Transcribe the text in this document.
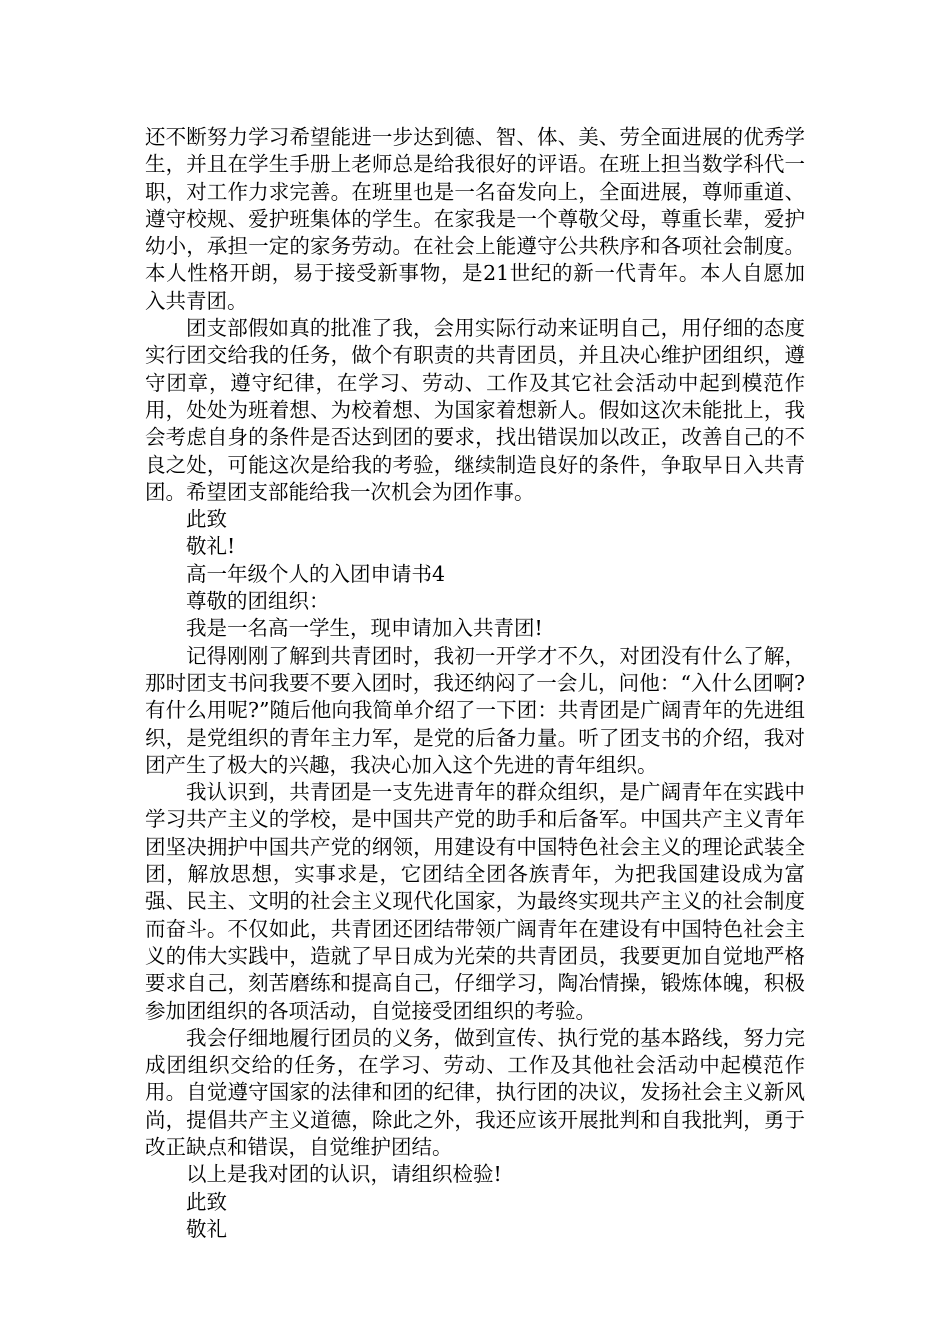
还不断努力学习希望能进一步达到德、智、体、美、劳全面进展的优秀学生，并且在学生手册上老师总是给我很好的评语。在班上担当数学科代一职，对工作力求完善。在班里也是一名奋发向上，全面进展，尊师重道、遵守校规、爱护班集体的学生。在家我是一个尊敬父母，尊重长辈，爱护幼小，承担一定的家务劳动。在社会上能遵守公共秩序和各项社会制度。本人性格开朗，易于接受新事物，是21世纪的新一代青年。本人自愿加入共青团。

团支部假如真的批准了我，会用实际行动来证明自己，用仔细的态度实行团交给我的任务，做个有职责的共青团员，并且决心维护团组织，遵守团章，遵守纪律，在学习、劳动、工作及其它社会活动中起到模范作用，处处为班着想、为校着想、为国家着想新人。假如这次未能批上，我会考虑自身的条件是否达到团的要求，找出错误加以改正，改善自己的不良之处，可能这次是给我的考验，继续制造良好的条件，争取早日入共青团。希望团支部能给我一次机会为团作事。

此致

敬礼!

高一年级个人的入团申请书4

尊敬的团组织：

我是一名高一学生，现申请加入共青团!

记得刚刚了解到共青团时，我初一开学才不久，对团没有什么了解，那时团支书问我要不要入团时，我还纳闷了一会儿，问他：“入什么团啊?有什么用呢?”随后他向我简单介绍了一下团：共青团是广阔青年的先进组织，是党组织的青年主力军，是党的后备力量。听了团支书的介绍，我对团产生了极大的兴趣，我决心加入这个先进的青年组织。

我认识到，共青团是一支先进青年的群众组织，是广阔青年在实践中学习共产主义的学校，是中国共产党的助手和后备军。中国共产主义青年团坚决拥护中国共产党的纲领，用建设有中国特色社会主义的理论武装全团，解放思想，实事求是，它团结全团各族青年，为把我国建设成为富强、民主、文明的社会主义现代化国家，为最终实现共产主义的社会制度而奋斗。不仅如此，共青团还团结带领广阔青年在建设有中国特色社会主义的伟大实践中，造就了早日成为光荣的共青团员，我要更加自觉地严格要求自己，刻苦磨练和提高自己，仔细学习，陶冶情操，锻炼体魄，积极参加团组织的各项活动，自觉接受团组织的考验。

我会仔细地履行团员的义务，做到宣传、执行党的基本路线，努力完成团组织交给的任务，在学习、劳动、工作及其他社会活动中起模范作用。自觉遵守国家的法律和团的纪律，执行团的决议，发扬社会主义新风尚，提倡共产主义道德，除此之外，我还应该开展批判和自我批判，勇于改正缺点和错误，自觉维护团结。

以上是我对团的认识，请组织检验!

此致

敬礼
